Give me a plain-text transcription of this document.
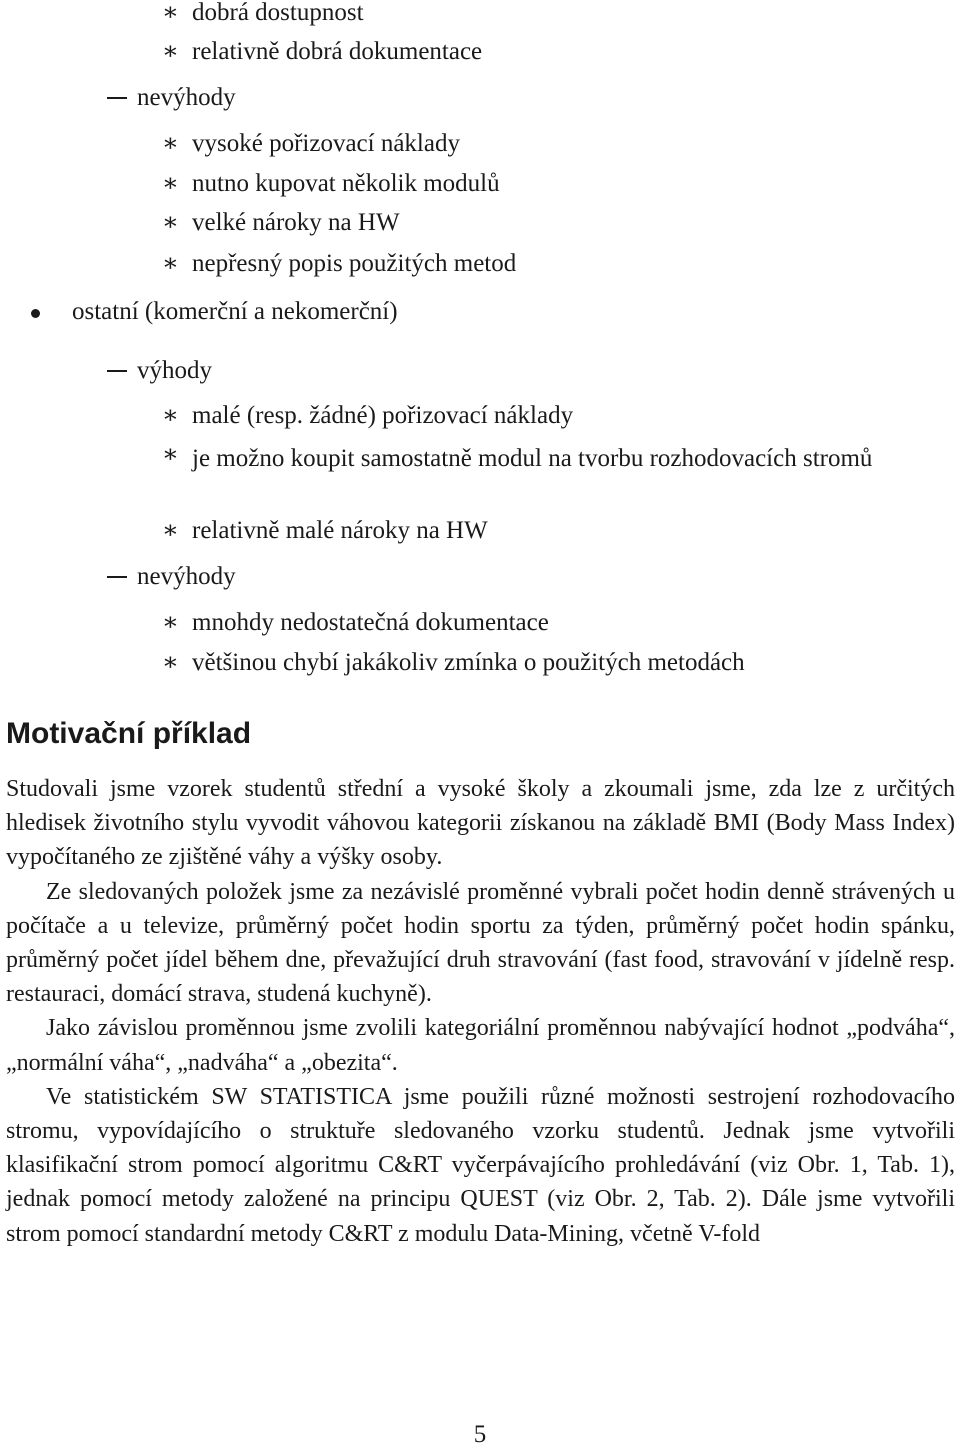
∗ dobrá dostupnost
∗ relativně dobrá dokumentace
nevýhody
∗ vysoké pořizovací náklady
∗ nutno kupovat několik modulů
∗ velké nároky na HW
∗ nepřesný popis použitých metod
ostatní (komerční a nekomerční)
výhody
∗ malé (resp. žádné) pořizovací náklady
∗ je možno koupit samostatně modul na tvorbu rozhodovacích stromů
∗ relativně malé nároky na HW
nevýhody
∗ mnohdy nedostatečná dokumentace
∗ většinou chybí jakákoliv zmínka o použitých metodách
Motivační příklad

Studovali jsme vzorek studentů střední a vysoké školy a zkoumali jsme, zda lze z určitých hledisek životního stylu vyvodit váhovou kategorii získanou na základě BMI (Body Mass Index) vypočítaného ze zjištěné váhy a výšky osoby.

Ze sledovaných položek jsme za nezávislé proměnné vybrali počet hodin denně strávených u počítače a u televize, průměrný počet hodin sportu za týden, průměrný počet hodin spánku, průměrný počet jídel během dne, převažující druh stravování (fast food, stravování v jídelně resp. restauraci, domácí strava, studená kuchyně).

Jako závislou proměnnou jsme zvolili kategoriální proměnnou nabývající hodnot „podváha“, „normální váha“, „nadváha“ a „obezita“.

Ve statistickém SW STATISTICA jsme použili různé možnosti sestrojení rozhodovacího stromu, vypovídajícího o struktuře sledovaného vzorku studentů. Jednak jsme vytvořili klasifikační strom pomocí algoritmu C&RT vyčerpávajícího prohledávání (viz Obr. 1, Tab. 1), jednak pomocí metody založené na principu QUEST (viz Obr. 2, Tab. 2). Dále jsme vytvořili strom pomocí standardní metody C&RT z modulu Data-Mining, včetně V-fold

5
